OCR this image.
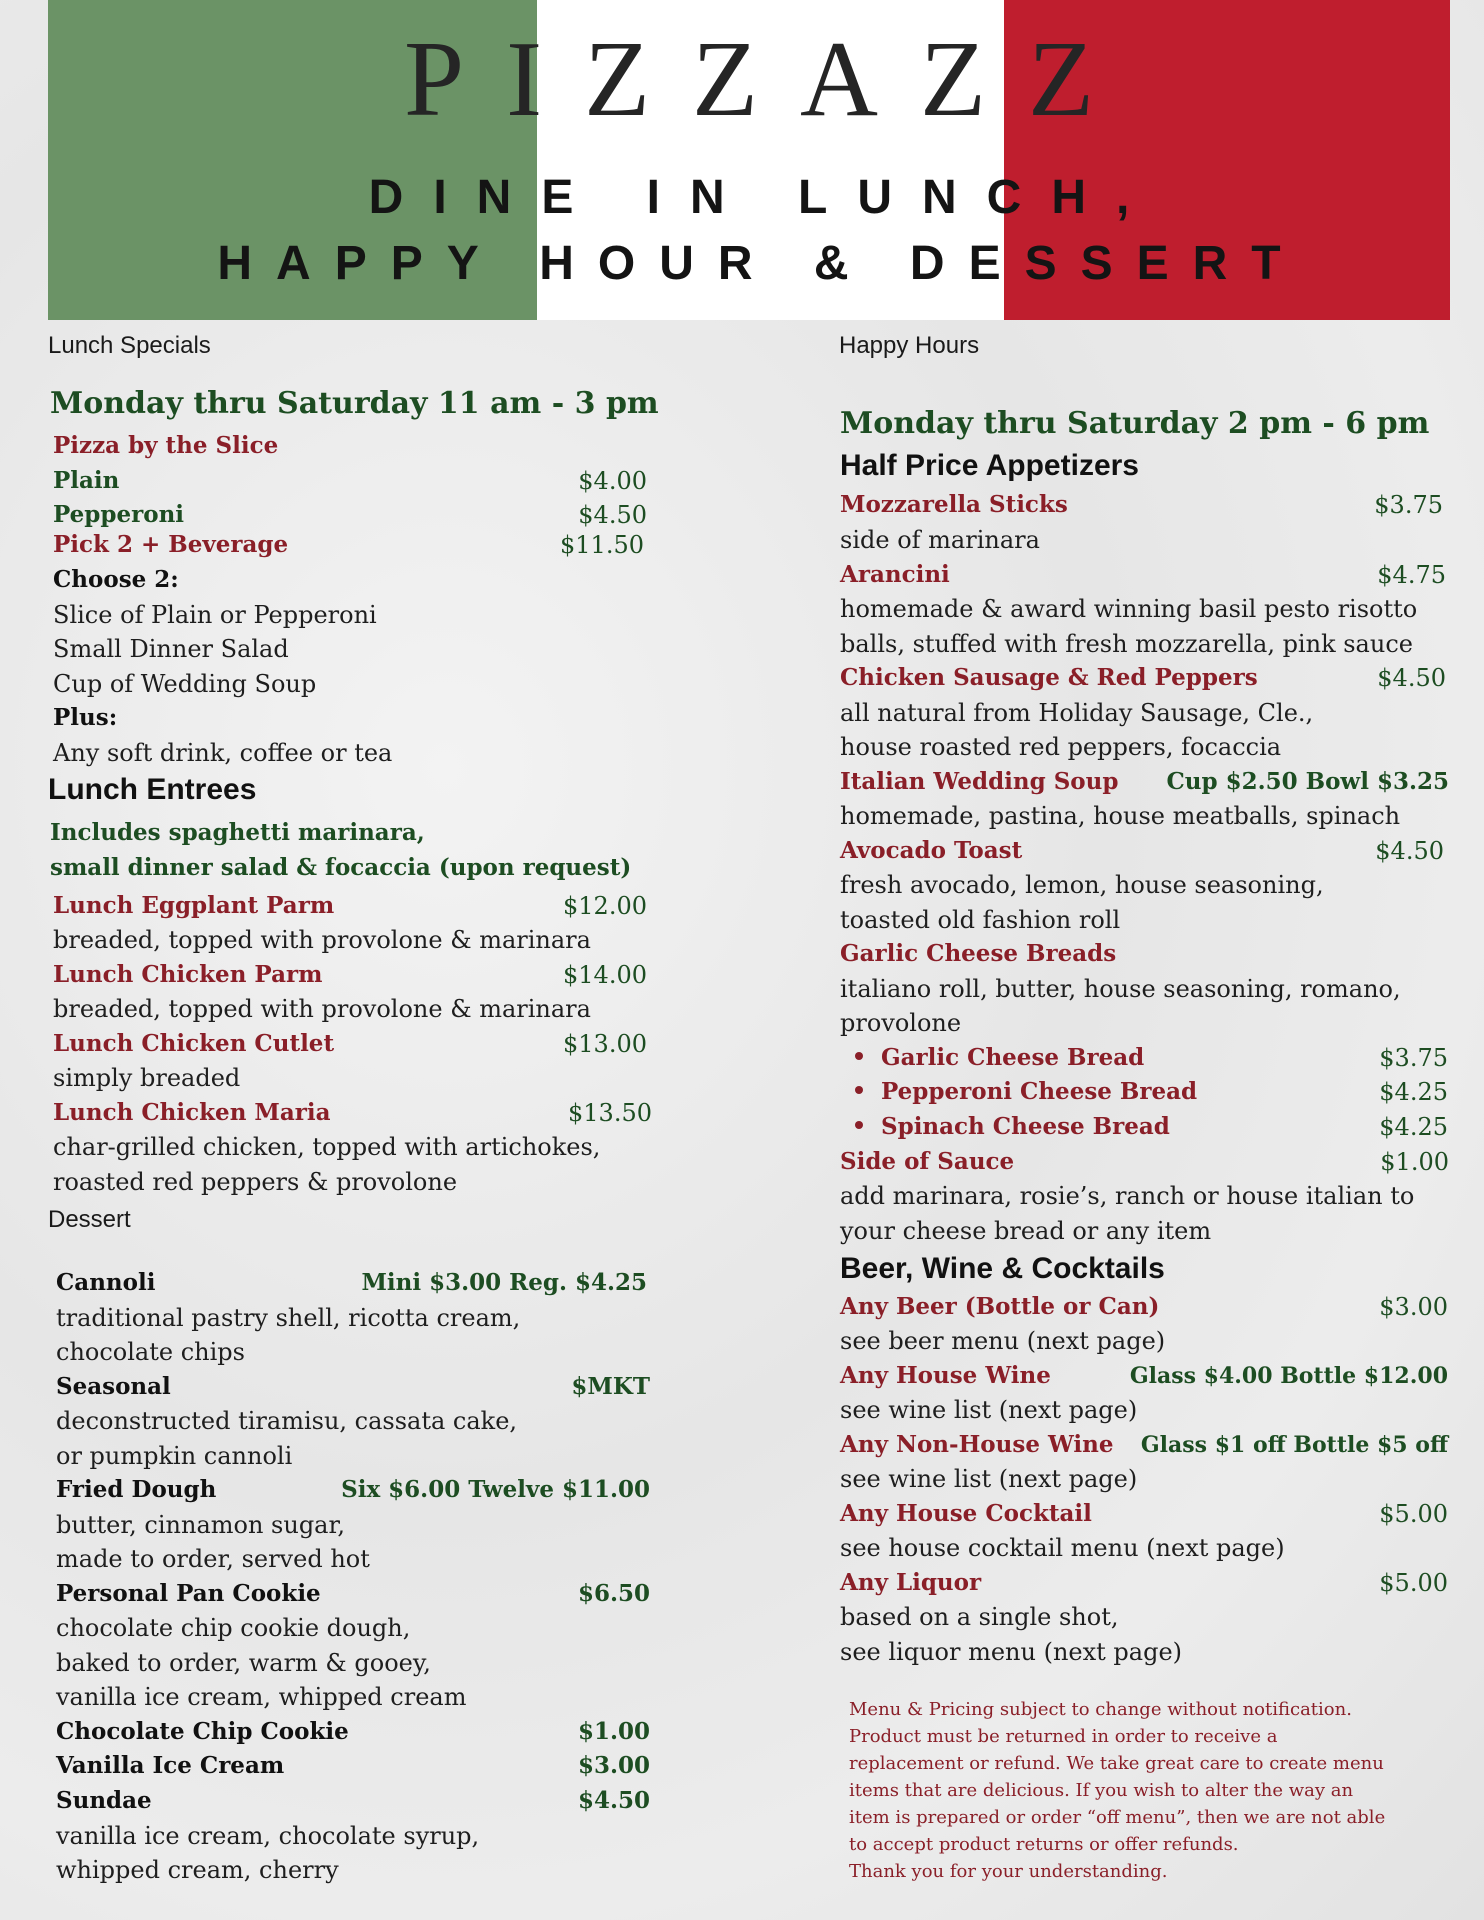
PIZZAZZ
DINE IN LUNCH,
HAPPY HOUR & DESSERT
Lunch Specials
Monday thru Saturday 11 am - 3 pm
Pizza by the Slice
Plain	$4.00
Pepperoni	$4.50
Pick 2 + Beverage	$11.50
Choose 2:
Slice of Plain or Pepperoni
Small Dinner Salad
Cup of Wedding Soup
Plus:
Any soft drink, coffee or tea
Lunch Entrees
Includes spaghetti marinara,
small dinner salad & focaccia (upon request)
Lunch Eggplant Parm	$12.00
breaded, topped with provolone & marinara
Lunch Chicken Parm	$14.00
breaded, topped with provolone & marinara
Lunch Chicken Cutlet	$13.00
simply breaded
Lunch Chicken Maria	$13.50
char-grilled chicken, topped with artichokes,
roasted red peppers & provolone
Dessert
Cannoli	Mini $3.00 Reg. $4.25
traditional pastry shell, ricotta cream,
chocolate chips
Seasonal	$MKT
deconstructed tiramisu, cassata cake,
or pumpkin cannoli
Fried Dough	Six $6.00 Twelve $11.00
butter, cinnamon sugar,
made to order, served hot
Personal Pan Cookie	$6.50
chocolate chip cookie dough,
baked to order, warm & gooey,
vanilla ice cream, whipped cream
Chocolate Chip Cookie	$1.00
Vanilla Ice Cream	$3.00
Sundae	$4.50
vanilla ice cream, chocolate syrup,
whipped cream, cherry
Happy Hours
Monday thru Saturday 2 pm - 6 pm
Half Price Appetizers
Mozzarella Sticks	$3.75
side of marinara
Arancini	$4.75
homemade & award winning basil pesto risotto
balls, stuffed with fresh mozzarella, pink sauce
Chicken Sausage & Red Peppers	$4.50
all natural from Holiday Sausage, Cle.,
house roasted red peppers, focaccia
Italian Wedding Soup Cup $2.50 Bowl $3.25
homemade, pastina, house meatballs, spinach
Avocado Toast	$4.50
fresh avocado, lemon, house seasoning,
toasted old fashion roll
Garlic Cheese Breads
italiano roll, butter, house seasoning, romano,
provolone
Garlic Cheese Bread	$3.75
Pepperoni Cheese Bread	$4.25
Spinach Cheese Bread	$4.25
Side of Sauce	$1.00
add marinara, rosie’s, ranch or house italian to
your cheese bread or any item
Beer, Wine & Cocktails
Any Beer (Bottle or Can)	$3.00
see beer menu (next page)
Any House Wine	Glass $4.00 Bottle $12.00
see wine list (next page)
Any Non-House Wine Glass $1 off Bottle $5 off
see wine list (next page)
Any House Cocktail	$5.00
see house cocktail menu (next page)
Any Liquor	$5.00
based on a single shot,
see liquor menu (next page)
Menu & Pricing subject to change without notification.
Product must be returned in order to receive a
replacement or refund. We take great care to create menu
items that are delicious. If you wish to alter the way an
item is prepared or order “off menu”, then we are not able
to accept product returns or offer refunds.
Thank you for your understanding.
